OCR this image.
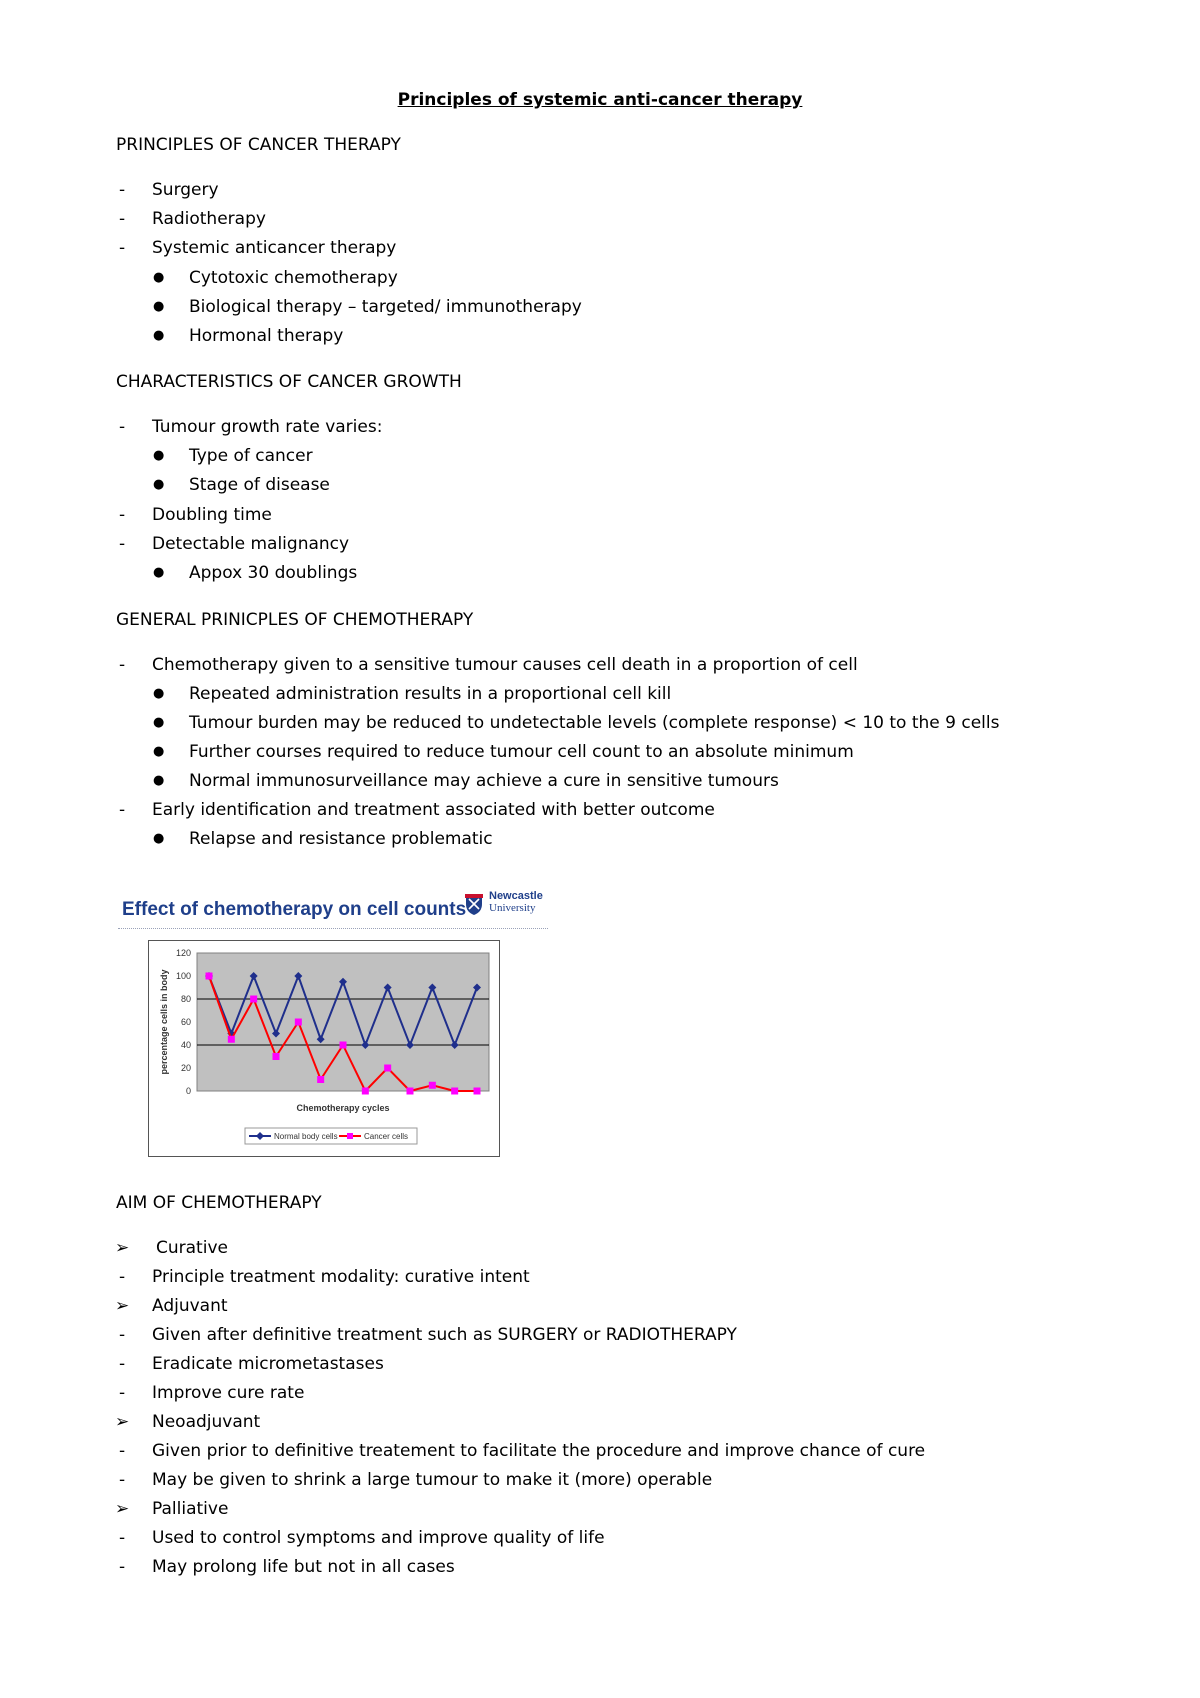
Principles of systemic anti-cancer therapy
PRINCIPLES OF CANCER THERAPY
- Surgery
- Radiotherapy
- Systemic anticancer therapy
● Cytotoxic chemotherapy
● Biological therapy – targeted/ immunotherapy
● Hormonal therapy
CHARACTERISTICS OF CANCER GROWTH
- Tumour growth rate varies:
● Type of cancer
● Stage of disease
- Doubling time
- Detectable malignancy
● Appox 30 doublings
GENERAL PRINICPLES OF CHEMOTHERAPY
- Chemotherapy given to a sensitive tumour causes cell death in a proportion of cell
● Repeated administration results in a proportional cell kill
● Tumour burden may be reduced to undetectable levels (complete response) < 10 to the 9 cells
● Further courses required to reduce tumour cell count to an absolute minimum
● Normal immunosurveillance may achieve a cure in sensitive tumours
- Early identification and treatment associated with better outcome
● Relapse and resistance problematic
Effect of chemotherapy on cell counts
Newcastle
University
0
20
40
60
80
100
120
percentage cells in body
Chemotherapy cycles
Normal body cells	Cancer cells
AIM OF CHEMOTHERAPY
➢ Curative
- Principle treatment modality: curative intent
➢ Adjuvant
- Given after definitive treatment such as SURGERY or RADIOTHERAPY
- Eradicate micrometastases
- Improve cure rate
➢ Neoadjuvant
- Given prior to definitive treatement to facilitate the procedure and improve chance of cure
- May be given to shrink a large tumour to make it (more) operable
➢ Palliative
- Used to control symptoms and improve quality of life
- May prolong life but not in all cases
